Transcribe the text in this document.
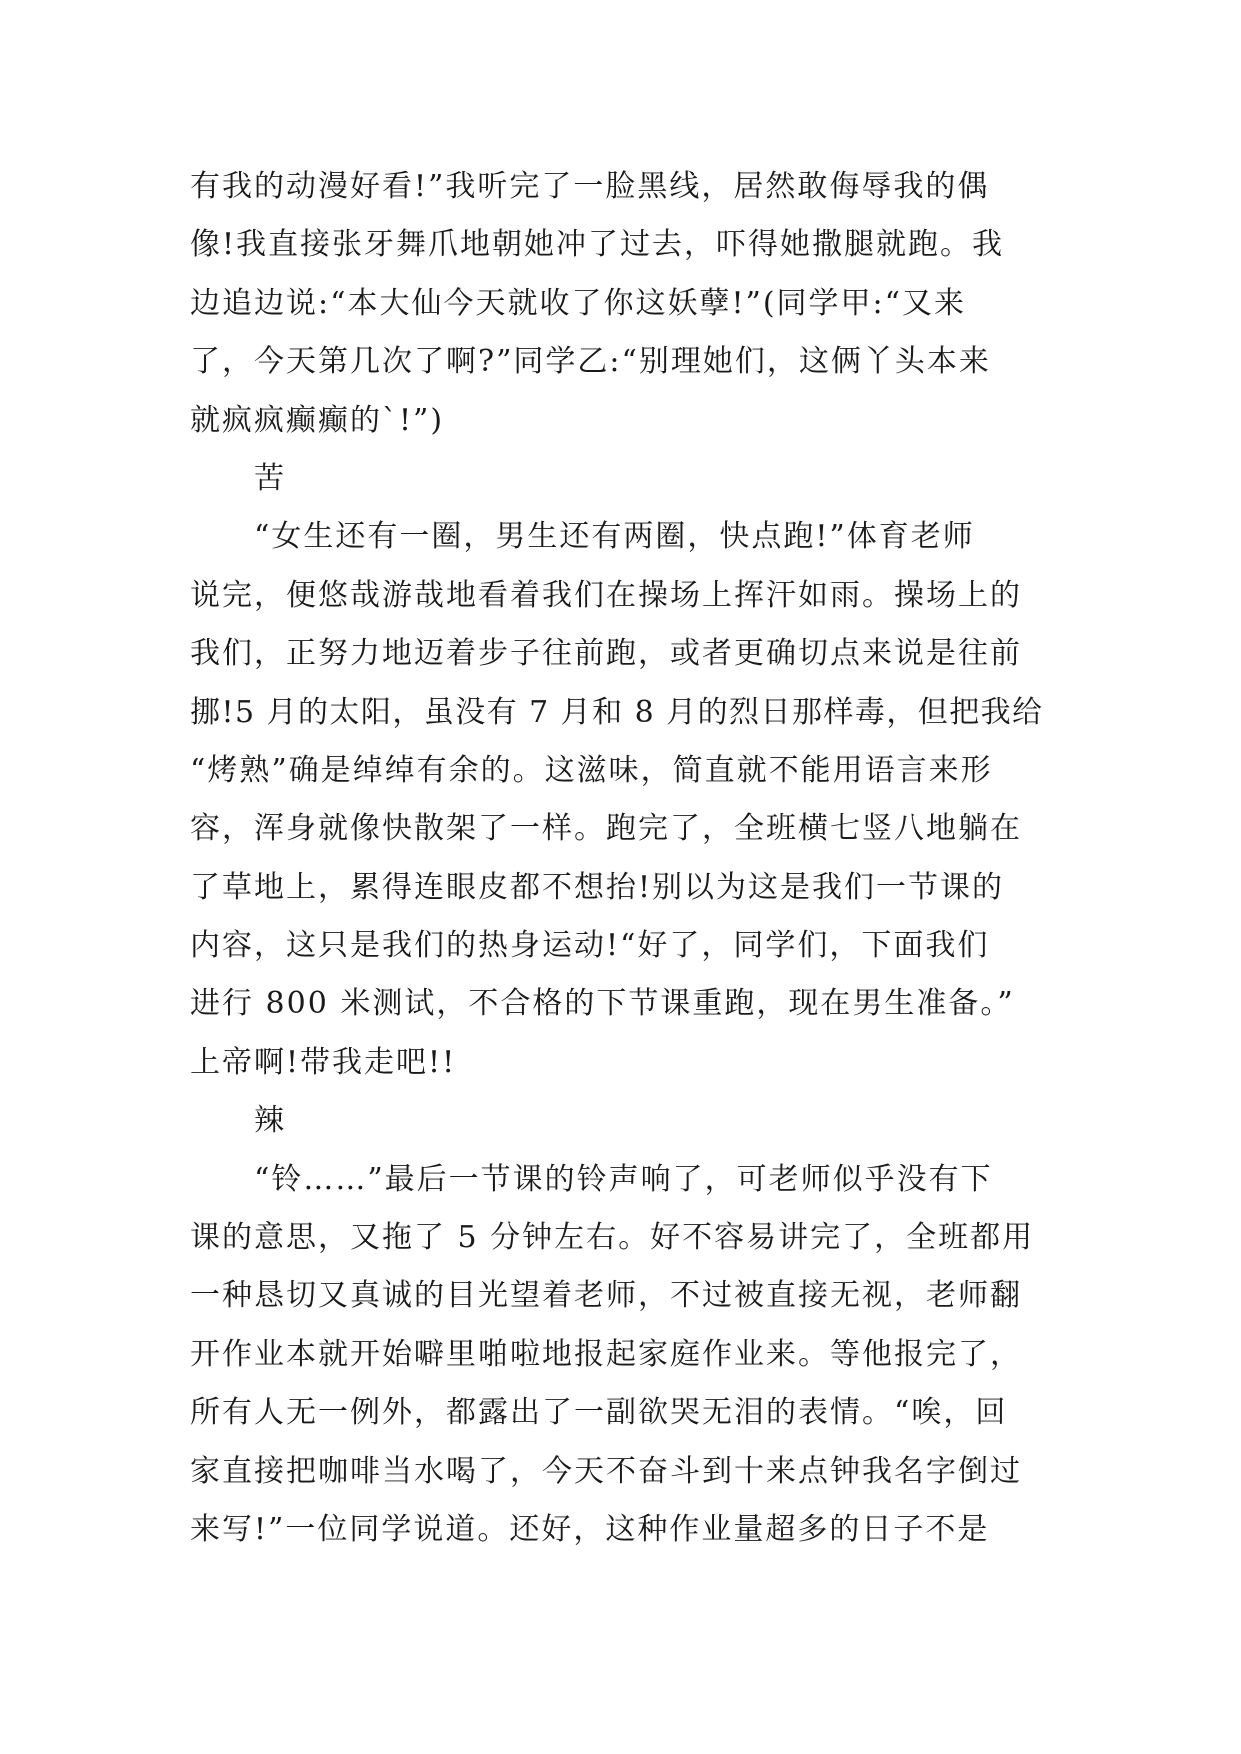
有我的动漫好看!”我听完了一脸黑线，居然敢侮辱我的偶
像!我直接张牙舞爪地朝她冲了过去，吓得她撒腿就跑。我
边追边说:“本大仙今天就收了你这妖孽!”(同学甲:“又来
了，今天第几次了啊?”同学乙:“别理她们，这俩丫头本来
就疯疯癫癫的`!”)
苦
“女生还有一圈，男生还有两圈，快点跑!”体育老师
说完，便悠哉游哉地看着我们在操场上挥汗如雨。操场上的
我们，正努力地迈着步子往前跑，或者更确切点来说是往前
挪!5 月的太阳，虽没有 7 月和 8 月的烈日那样毒，但把我给
“烤熟”确是绰绰有余的。这滋味，简直就不能用语言来形
容，浑身就像快散架了一样。跑完了，全班横七竖八地躺在
了草地上，累得连眼皮都不想抬!别以为这是我们一节课的
内容，这只是我们的热身运动!“好了，同学们，下面我们
进行 800 米测试，不合格的下节课重跑，现在男生准备。”
上帝啊!带我走吧!!
辣
“铃……”最后一节课的铃声响了，可老师似乎没有下
课的意思，又拖了 5 分钟左右。好不容易讲完了，全班都用
一种恳切又真诚的目光望着老师，不过被直接无视，老师翻
开作业本就开始噼里啪啦地报起家庭作业来。等他报完了，
所有人无一例外，都露出了一副欲哭无泪的表情。“唉，回
家直接把咖啡当水喝了，今天不奋斗到十来点钟我名字倒过
来写!”一位同学说道。还好，这种作业量超多的日子不是
